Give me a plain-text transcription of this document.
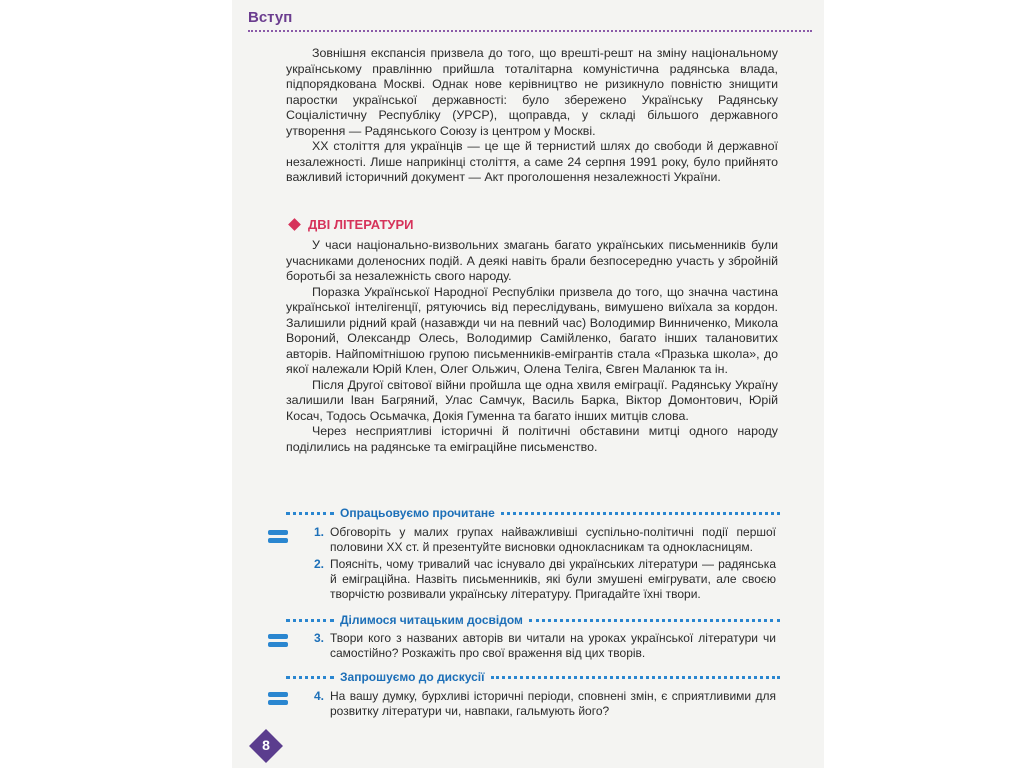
Вступ

Зовнішня експансія призвела до того, що врешті-решт на зміну національному українському правлінню прийшла тоталітарна комуністична радянська влада, підпорядкована Москві. Однак нове керівництво не ризикнуло повністю знищити паростки української державності: було збережено Українську Радянську Соціалістичну Республіку (УРСР), щоправда, у складі більшого державного утворення — Радянського Союзу із центром у Москві.

ХХ століття для українців — це ще й тернистий шлях до свободи й державної незалежності. Лише наприкінці століття, а саме 24 серпня 1991 року, було прийнято важливий історичний документ — Акт проголошення незалежності України.

ДВІ ЛІТЕРАТУРИ

У часи національно-визвольних змагань багато українських письменників були учасниками доленосних подій. А деякі навіть брали безпосередню участь у збройній боротьбі за незалежність свого народу.

Поразка Української Народної Республіки призвела до того, що значна частина української інтелігенції, рятуючись від переслідувань, вимушено виїхала за кордон. Залишили рідний край (назавжди чи на певний час) Володимир Винниченко, Микола Вороний, Олександр Олесь, Володимир Самійленко, багато інших талановитих авторів. Найпомітнішою групою письменників-емігрантів стала «Празька школа», до якої належали Юрій Клен, Олег Ольжич, Олена Теліга, Євген Маланюк та ін.

Після Другої світової війни пройшла ще одна хвиля еміграції. Радянську Україну залишили Іван Багряний, Улас Самчук, Василь Барка, Віктор Домонтович, Юрій Косач, Тодось Осьмачка, Докія Гуменна та багато інших митців слова.

Через несприятливі історичні й політичні обставини митці одного народу поділились на радянське та еміграційне письменство.

Опрацьовуємо прочитане
1. Обговоріть у малих групах найважливіші суспільно-політичні події першої половини ХХ ст. й презентуйте висновки однокласникам та однокласницям.
2. Поясніть, чому тривалий час існувало дві українських літератури — радянська й еміграційна. Назвіть письменників, які були змушені емігрувати, але своєю творчістю розвивали українську літературу. Пригадайте їхні твори.
Ділимося читацьким досвідом
3. Твори кого з названих авторів ви читали на уроках української літератури чи самостійно? Розкажіть про свої враження від цих творів.
Запрошуємо до дискусії
4. На вашу думку, бурхливі історичні періоди, сповнені змін, є сприятливими для розвитку літератури чи, навпаки, гальмують його?
8
